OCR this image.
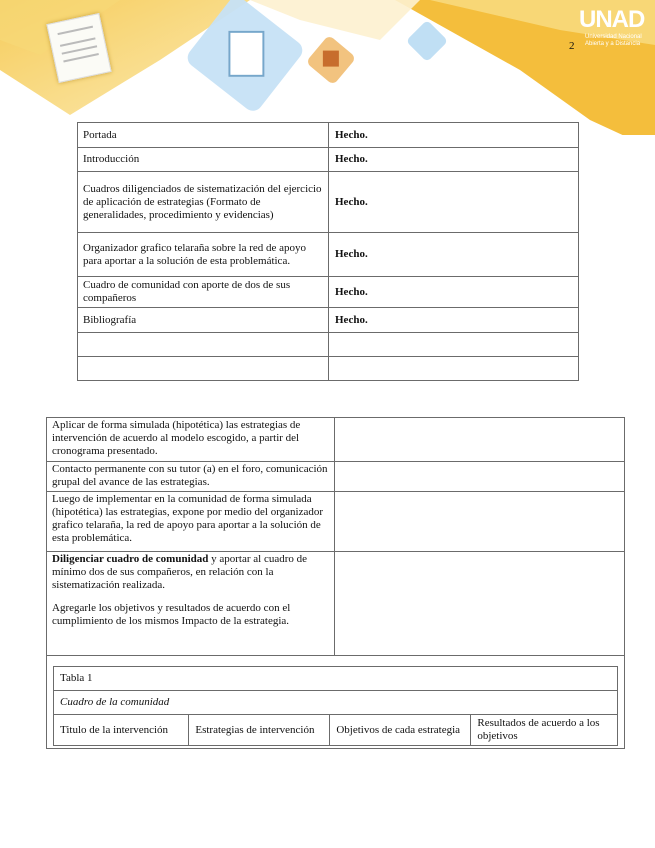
2
UNAD
Universidad Nacional Abierta y a Distancia
Portada	Hecho.
Introducción	Hecho.
Cuadros diligenciados de sistematización del ejercicio de aplicación de estrategias (Formato de generalidades, procedimiento y evidencias)	Hecho.
Organizador grafico telaraña sobre la red de apoyo para aportar a la solución de esta problemática.	Hecho.
Cuadro de comunidad con aporte de dos de sus compañeros	Hecho.
Bibliografía	Hecho.

Aplicar de forma simulada (hipotética) las estrategias de intervención de acuerdo al modelo escogido, a partir del cronograma presentado.	
Contacto permanente con su tutor (a) en el foro, comunicación grupal del avance de las estrategias.	
Luego de implementar en la comunidad de forma simulada (hipotética) las estrategias, expone por medio del organizador grafico telaraña, la red de apoyo para aportar a la solución de esta problemática.	
Diligenciar cuadro de comunidad y aportar al cuadro de mínimo dos de sus compañeros, en relación con la sistematización realizada.
Agregarle los objetivos y resultados de acuerdo con el cumplimiento de los mismos Impacto de la estrategia.

Tabla 1
Cuadro de la comunidad
Titulo de la intervención	Estrategias de intervención	Objetivos de cada estrategia	Resultados de acuerdo a los objetivos
